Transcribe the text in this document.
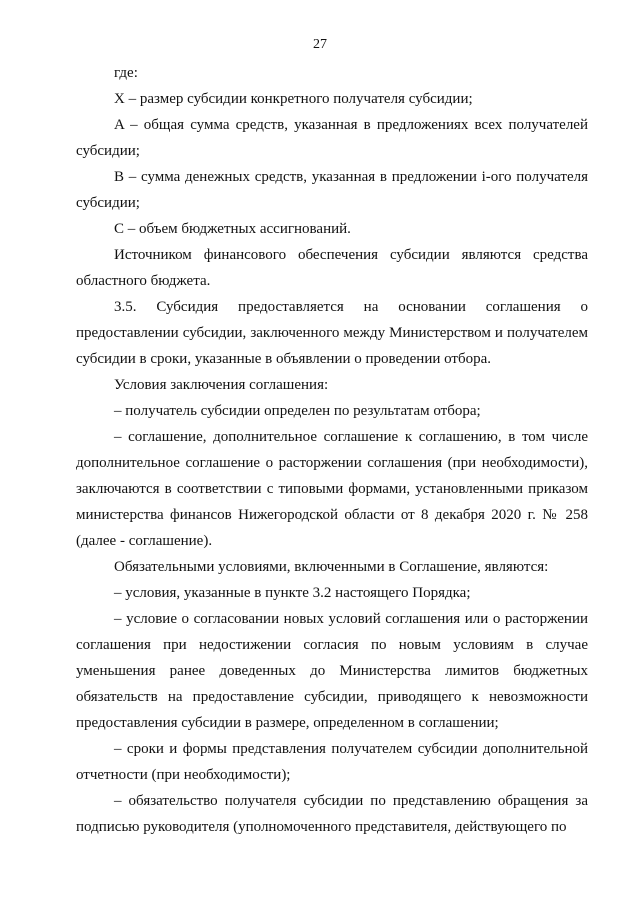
27

где:

X – размер субсидии конкретного получателя субсидии;

A – общая сумма средств, указанная в предложениях всех получателей субсидии;

B – сумма денежных средств, указанная в предложении i-ого получателя субсидии;

C – объем бюджетных ассигнований.

Источником финансового обеспечения субсидии являются средства областного бюджета.

3.5. Субсидия предоставляется на основании соглашения о предоставлении субсидии, заключенного между Министерством и получателем субсидии в сроки, указанные в объявлении о проведении отбора.

Условия заключения соглашения:

– получатель субсидии определен по результатам отбора;

– соглашение, дополнительное соглашение к соглашению, в том числе дополнительное соглашение о расторжении соглашения (при необходимости), заключаются в соответствии с типовыми формами, установленными приказом министерства финансов Нижегородской области от 8 декабря 2020 г. № 258 (далее - соглашение).

Обязательными условиями, включенными в Соглашение, являются:

– условия, указанные в пункте 3.2 настоящего Порядка;

– условие о согласовании новых условий соглашения или о расторжении соглашения при недостижении согласия по новым условиям в случае уменьшения ранее доведенных до Министерства лимитов бюджетных обязательств на предоставление субсидии, приводящего к невозможности предоставления субсидии в размере, определенном в соглашении;

– сроки и формы представления получателем субсидии дополнительной отчетности (при необходимости);

– обязательство получателя субсидии по представлению обращения за подписью руководителя (уполномоченного представителя, действующего по
